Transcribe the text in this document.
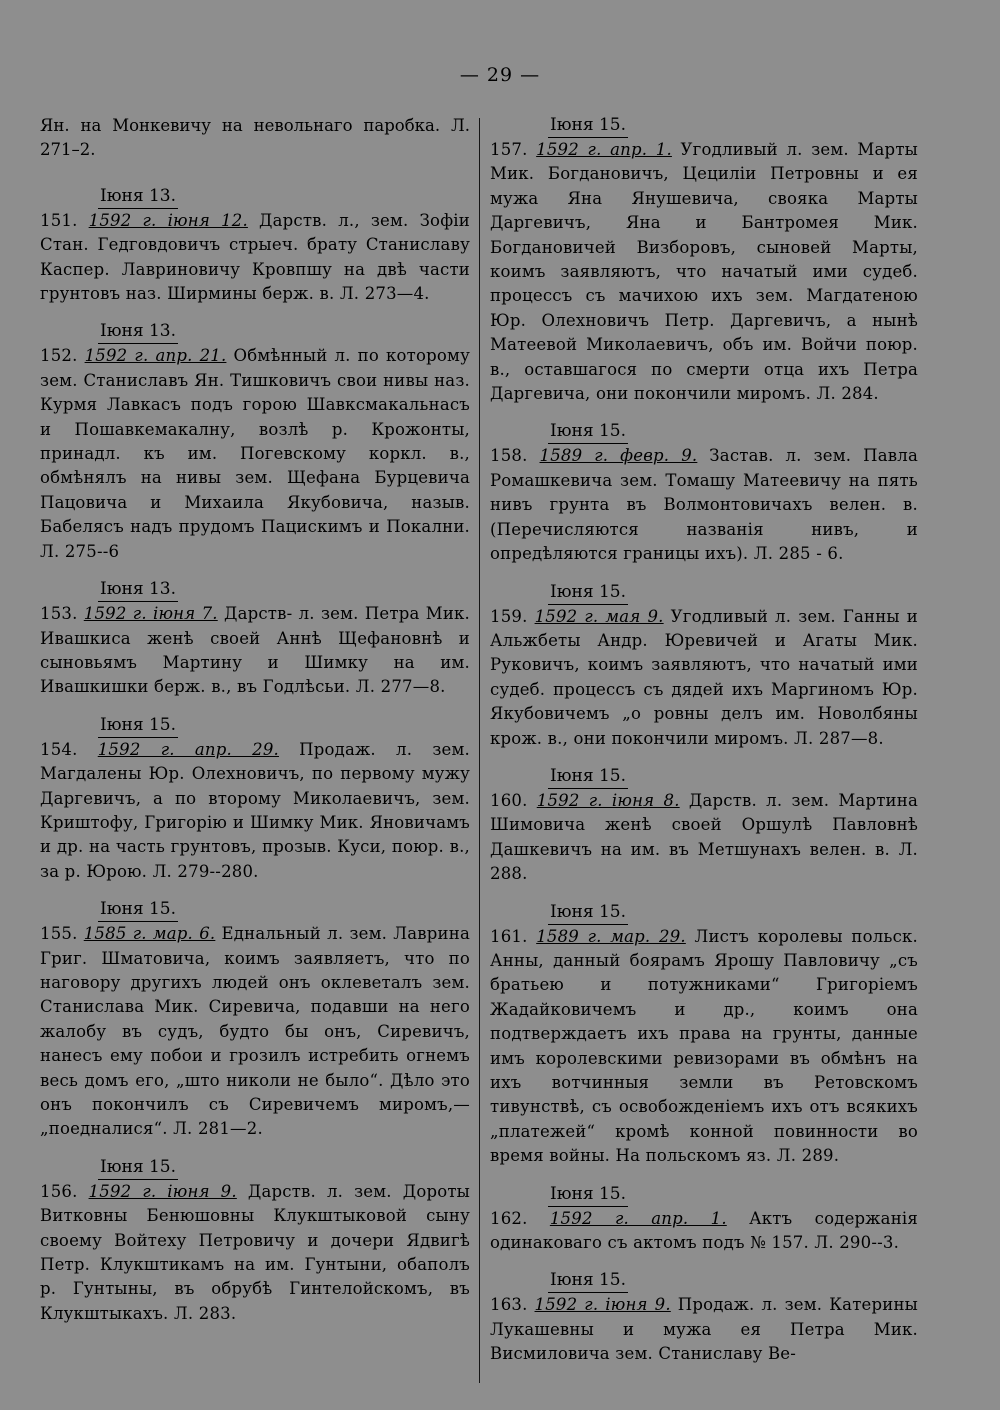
— 29 —
Ян. на Монкевичу на невольнаго паробка. Л. 271–2.
Іюня 13.
151. 1592 г. іюня 12. Дарств. л., зем. Зофіи Стан. Гедговдовичъ стрыеч. брату Станиславу Каспер. Лавриновичу Кровпшу на двѣ части грунтовъ наз. Ширмины берж. в. Л. 273—4.
Іюня 13.
152. 1592 г. апр. 21. Обмѣнный л. по которому зем. Станиславъ Ян. Тишковичъ свои нивы наз. Курмя Лавкасъ подъ горою Шавксмакальнасъ и Пошавкемакалну, возлѣ р. Крожонты, принадл. къ им. Погевскому коркл. в., обмѣнялъ на нивы зем. Щефана Бурцевича Пацовича и Михаила Якубовича, назыв. Бабелясъ надъ прудомъ Пацискимъ и Покални. Л. 275--6
Іюня 13.
153. 1592 г. іюня 7. Дарств- л. зем. Петра Мик. Ивашкиса женѣ своей Аннѣ Щефановнѣ и сыновьямъ Мартину и Шимку на им. Ивашкишки берж. в., въ Годлѣсьи. Л. 277—8.
Іюня 15.
154. 1592 г. апр. 29. Продаж. л. зем. Магдалены Юр. Олехновичъ, по первому мужу Даргевичъ, а по второму Миколаевичъ, зем. Криштофу, Григорію и Шимку Мик. Яновичамъ и др. на часть грунтовъ, прозыв. Куси, поюр. в., за р. Юрою. Л. 279--280.
Іюня 15.
155. 1585 г. мар. 6. Еднальный л. зем. Лаврина Григ. Шматовича, коимъ заявляетъ, что по наговору другихъ людей онъ оклеветалъ зем. Станислава Мик. Сиревича, подавши на него жалобу въ судъ, будто бы онъ, Сиревичъ, нанесъ ему побои и грозилъ истребить огнемъ весь домъ его, „што николи не было“. Дѣло это онъ покончилъ съ Сиревичемъ миромъ,—„поедналися“. Л. 281—2.
Іюня 15.
156. 1592 г. іюня 9. Дарств. л. зем. Дороты Витковны Бенюшовны Клукштыковой сыну своему Войтеху Петровичу и дочери Ядвигѣ Петр. Клукштикамъ на им. Гунтыни, обаполъ р. Гунтыны, въ обрубѣ Гинтелойскомъ, въ Клукштыкахъ. Л. 283.
Іюня 15.
157. 1592 г. апр. 1. Угодливый л. зем. Марты Мик. Богдановичъ, Цециліи Петровны и ея мужа Яна Янушевича, свояка Марты Даргевичъ, Яна и Бантромея Мик. Богдановичей Визборовъ, сыновей Марты, коимъ заявляютъ, что начатый ими судеб. процессъ съ мачихою ихъ зем. Магдатеною Юр. Олехновичъ Петр. Даргевичъ, а нынѣ Матеевой Миколаевичъ, объ им. Войчи поюр. в., оставшагося по смерти отца ихъ Петра Даргевича, они покончили миромъ. Л. 284.
Іюня 15.
158. 1589 г. февр. 9. Застав. л. зем. Павла Ромашкевича зем. Томашу Матеевичу на пять нивъ грунта въ Волмонтовичахъ велен. в. (Перечисляются названія нивъ, и опредѣляются границы ихъ). Л. 285 - 6.
Іюня 15.
159. 1592 г. мая 9. Угодливый л. зем. Ганны и Альжбеты Андр. Юревичей и Агаты Мик. Руковичъ, коимъ заявляютъ, что начатый ими судеб. процессъ съ дядей ихъ Маргиномъ Юр. Якубовичемъ „о ровны делъ им. Новолбяны крож. в., они покончили миромъ. Л. 287—8.
Іюня 15.
160. 1592 г. іюня 8. Дарств. л. зем. Мартина Шимовича женѣ своей Оршулѣ Павловнѣ Дашкевичъ на им. въ Метшунахъ велен. в. Л. 288.
Іюня 15.
161. 1589 г. мар. 29. Листъ королевы польск. Анны, данный боярамъ Ярошу Павловичу „съ братьею и потужниками“ Григоріемъ Жадайковичемъ и др., коимъ она подтверждаетъ ихъ права на грунты, данные имъ королевскими ревизорами въ обмѣнъ на ихъ вотчинныя земли въ Ретовскомъ тивунствѣ, съ освобожденіемъ ихъ отъ всякихъ „платежей“ кромѣ конной повинности во время войны. На польскомъ яз. Л. 289.
Іюня 15.
162. 1592 г. апр. 1. Актъ содержанія одинаковаго съ актомъ подъ № 157. Л. 290--3.
Іюня 15.
163. 1592 г. іюня 9. Продаж. л. зем. Катерины Лукашевны и мужа ея Петра Мик. Висмиловича зем. Станиславу Ве-
